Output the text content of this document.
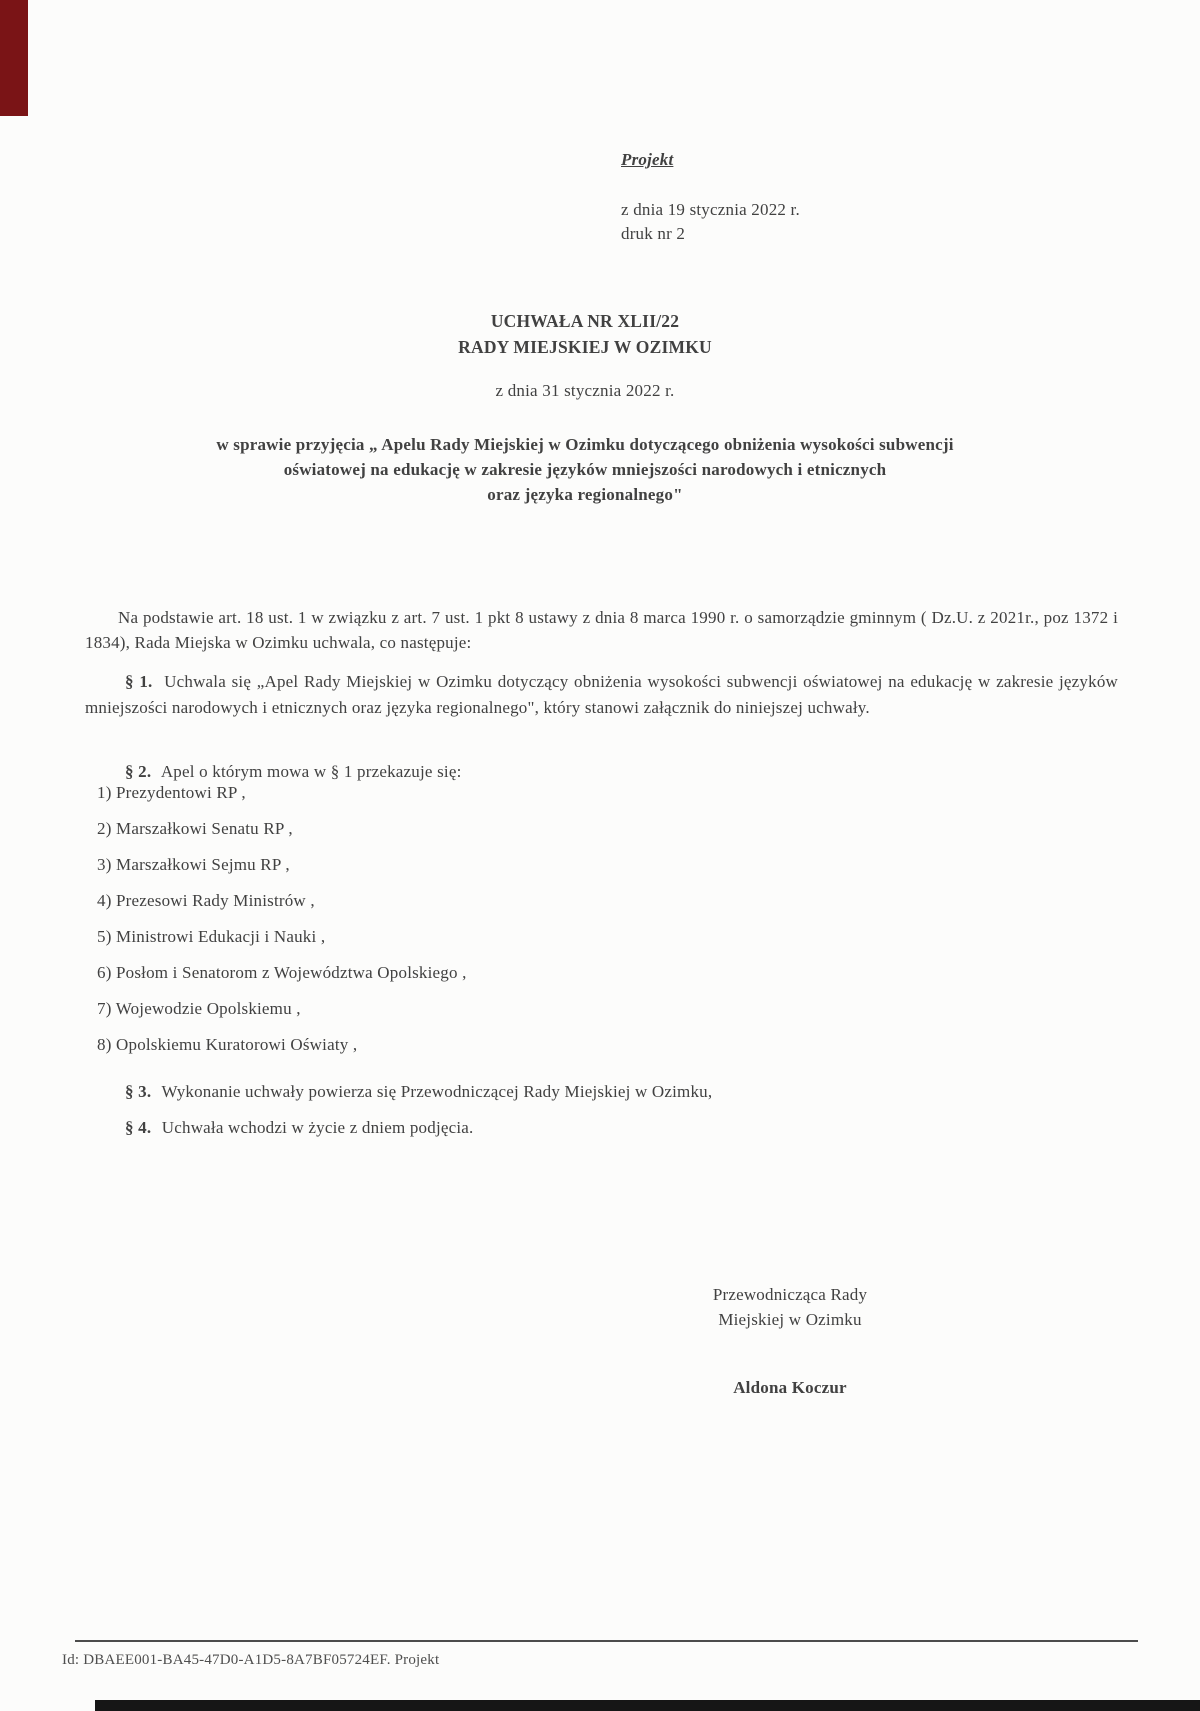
Projekt
z dnia 19 stycznia 2022 r.
druk nr 2
UCHWAŁA NR XLII/22
RADY MIEJSKIEJ W OZIMKU
z dnia 31 stycznia 2022 r.
w sprawie przyjęcia „ Apelu Rady Miejskiej w Ozimku dotyczącego obniżenia wysokości subwencji
oświatowej na edukację w zakresie języków mniejszości narodowych i etnicznych
oraz języka regionalnego"

Na podstawie art. 18 ust. 1 w związku z art. 7 ust. 1 pkt 8 ustawy z dnia 8 marca 1990 r. o samorządzie gminnym ( Dz.U. z 2021r., poz 1372 i 1834), Rada Miejska w Ozimku uchwala, co następuje:

§ 1. Uchwala się „Apel Rady Miejskiej w Ozimku dotyczący obniżenia wysokości subwencji oświatowej na edukację w zakresie języków mniejszości narodowych i etnicznych oraz języka regionalnego", który stanowi załącznik do niniejszej uchwały.

§ 2. Apel o którym mowa w § 1 przekazuje się:

1) Prezydentowi RP ,
2) Marszałkowi Senatu RP ,
3) Marszałkowi Sejmu RP ,
4) Prezesowi Rady Ministrów ,
5) Ministrowi Edukacji i Nauki ,
6) Posłom i Senatorom z Województwa Opolskiego ,
7) Wojewodzie Opolskiemu ,
8) Opolskiemu Kuratorowi Oświaty ,

§ 3. Wykonanie uchwały powierza się Przewodniczącej Rady Miejskiej w Ozimku,

§ 4. Uchwała wchodzi w życie z dniem podjęcia.

Przewodnicząca Rady
Miejskiej w Ozimku
Aldona Koczur
Id: DBAEE001-BA45-47D0-A1D5-8A7BF05724EF. Projekt
